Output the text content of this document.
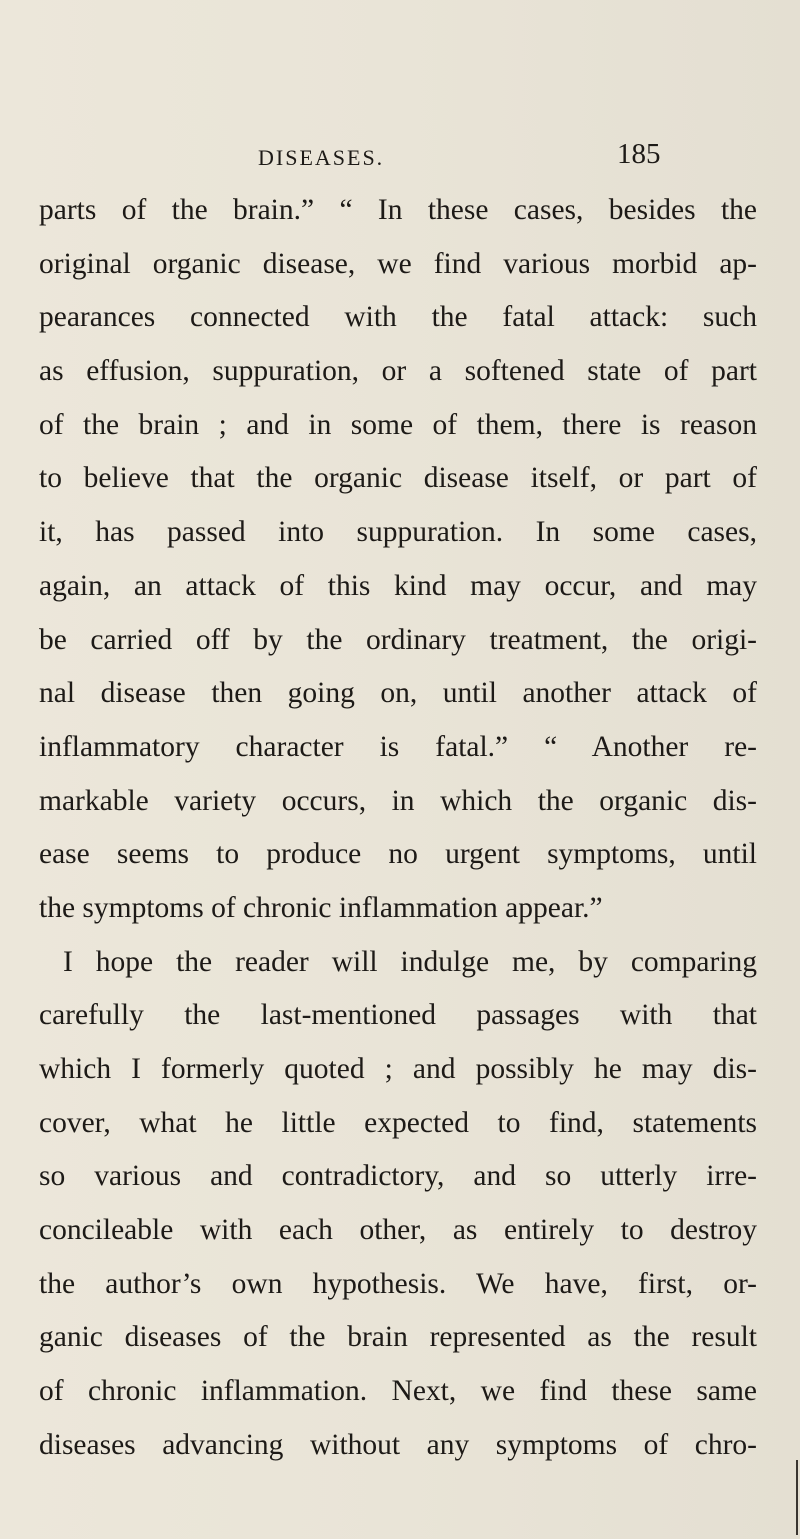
DISEASES.	185
parts of the brain.” “ In these cases, besides the
original organic disease, we find various morbid ap-
pearances connected with the fatal attack: such
as effusion, suppuration, or a softened state of part
of the brain ; and in some of them, there is reason
to believe that the organic disease itself, or part of
it, has passed into suppuration. In some cases,
again, an attack of this kind may occur, and may
be carried off by the ordinary treatment, the origi-
nal disease then going on, until another attack of
inflammatory character is fatal.” “ Another re-
markable variety occurs, in which the organic dis-
ease seems to produce no urgent symptoms, until
the symptoms of chronic inflammation appear.”
I hope the reader will indulge me, by comparing
carefully the last-mentioned passages with that
which I formerly quoted ; and possibly he may dis-
cover, what he little expected to find, statements
so various and contradictory, and so utterly irre-
concileable with each other, as entirely to destroy
the author’s own hypothesis. We have, first, or-
ganic diseases of the brain represented as the result
of chronic inflammation. Next, we find these same
diseases advancing without any symptoms of chro-
